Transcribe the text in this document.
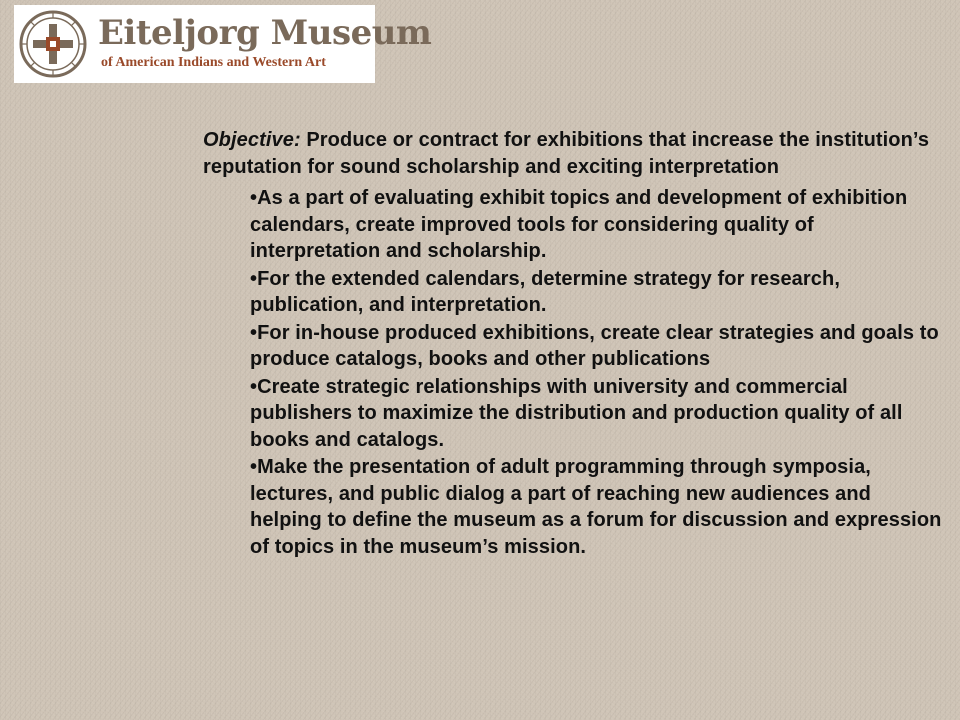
Eiteljorg Museum
of American Indians and Western Art

Objective: Produce or contract for exhibitions that increase the institution’s reputation for sound scholarship and exciting interpretation

•As a part of evaluating exhibit topics and development of exhibition calendars, create improved tools for considering quality of interpretation and scholarship.
•For the extended calendars, determine strategy for research, publication, and interpretation.
•For in-house produced exhibitions, create clear strategies and goals to produce catalogs, books and other publications
•Create strategic relationships with university and commercial publishers to maximize the distribution and production quality of all books and catalogs.
•Make the presentation of adult programming through symposia, lectures, and public dialog a part of reaching new audiences and helping to define the museum as a forum for discussion and expression of topics in the museum’s mission.
